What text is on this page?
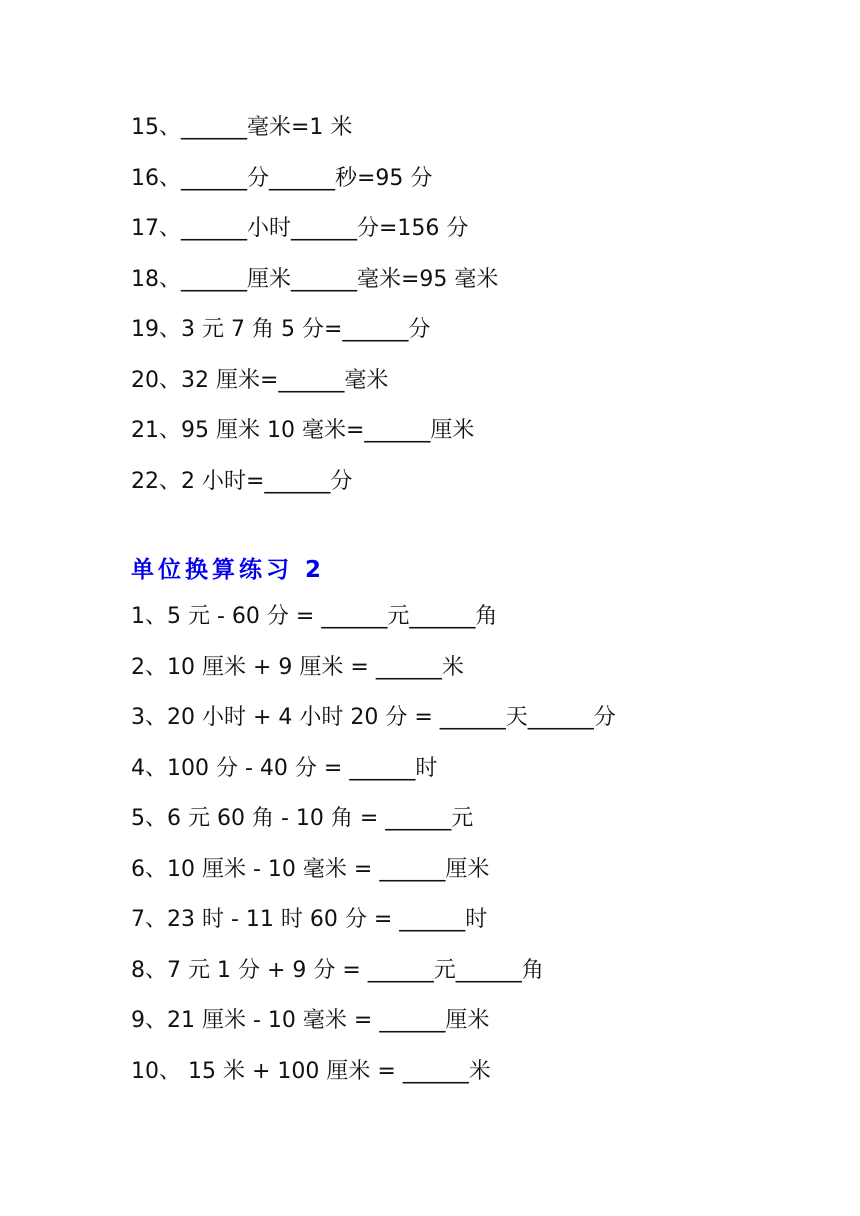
15、______毫米=1 米
16、______分______秒=95 分
17、______小时______分=156 分
18、______厘米______毫米=95 毫米
19、3 元 7 角 5 分=______分
20、32 厘米=______毫米
21、95 厘米 10 毫米=______厘米
22、2 小时=______分
单位换算练习 2
1、5 元 - 60 分 = ______元______角
2、10 厘米 + 9 厘米 = ______米
3、20 小时 + 4 小时 20 分 = ______天______分
4、100 分 - 40 分 = ______时
5、6 元 60 角 - 10 角 = ______元
6、10 厘米 - 10 毫米 = ______厘米
7、23 时 - 11 时 60 分 = ______时
8、7 元 1 分 + 9 分 = ______元______角
9、21 厘米 - 10 毫米 = ______厘米
10、 15 米 + 100 厘米 = ______米
